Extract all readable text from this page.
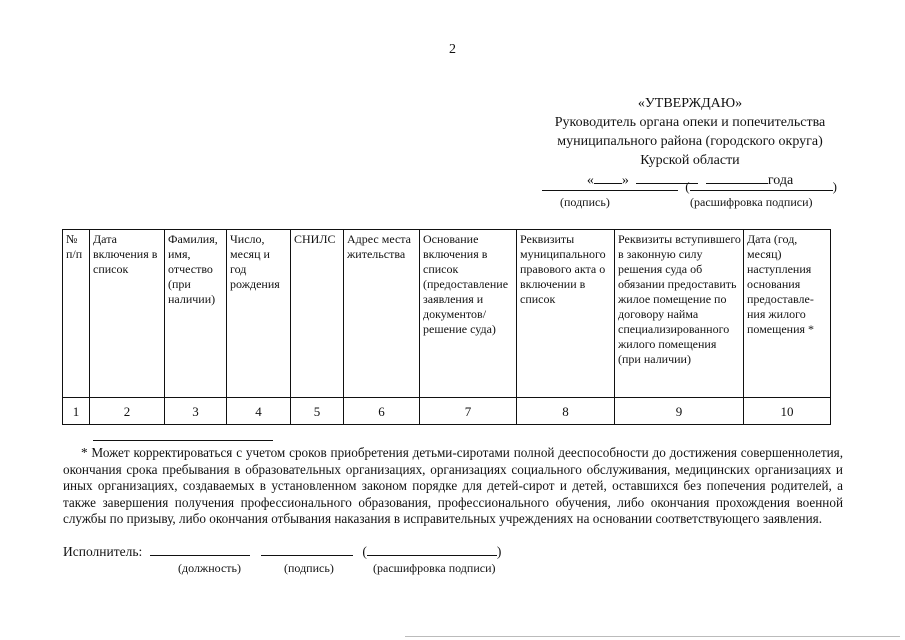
2
«УТВЕРЖДАЮ»
Руководитель органа опеки и попечительства
муниципального района (городского округа)
Курской области
« »	года
(	)
(подпись)	(расшифровка подписи)
№ п/п	Дата включения в список	Фамилия, имя, отчество (при наличии)	Число, месяц и год рождения	СНИЛС	Адрес места жительства	Основание включения в список (предоставление заявления и документов/ решение суда)	Реквизиты муниципального правового акта о включении в список	Реквизиты вступившего в законную силу решения суда об обязании предоставить жилое помещение по договору найма специализированного жилого помещения (при наличии)	Дата (год, месяц) наступления основания предоставле-ния жилого помещения *
1	2	3	4	5	6	7	8	9	10
* Может корректироваться с учетом сроков приобретения детьми-сиротами полной дееспособности до достижения совершеннолетия, окончания срока пребывания в образовательных организациях, организациях социального обслуживания, медицинских организациях и иных организациях, создаваемых в установленном законом порядке для детей-сирот и детей, оставшихся без попечения родителей, а также завершения получения профессионального образования, профессионального обучения, либо окончания прохождения военной службы по призыву, либо окончания отбывания наказания в исправительных учреждениях на основании соответствующего заявления.
Исполнитель:	(	)
(должность)	(подпись)	(расшифровка подписи)
